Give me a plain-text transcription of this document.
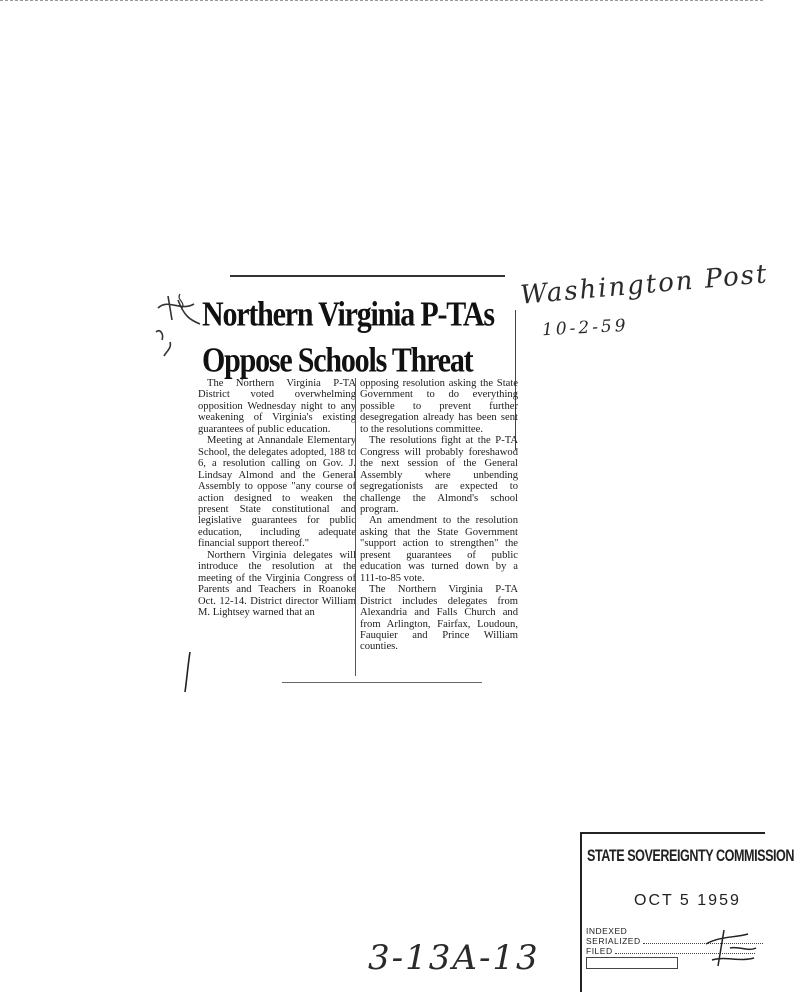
Northern Virginia P-TAs
Oppose Schools Threat

The Northern Virginia P-TA District voted overwhelming opposition Wednesday night to any weakening of Virginia's existing guarantees of public education.

Meeting at Annandale Elementary School, the delegates adopted, 188 to 6, a resolution calling on Gov. J. Lindsay Almond and the General Assembly to oppose "any course of action designed to weaken the present State constitutional and legislative guarantees for public education, including adequate financial support thereof."

Northern Virginia delegates will introduce the resolution at the meeting of the Virginia Congress of Parents and Teachers in Roanoke Oct. 12-14. District director William M. Lightsey warned that an

opposing resolution asking the State Government to do everything possible to prevent further desegregation already has been sent to the resolutions committee.

The resolutions fight at the P-TA Congress will probably foreshawod the next session of the General Assembly where unbending segregationists are expected to challenge the Almond's school program.

An amendment to the resolution asking that the State Government "support action to strengthen" the present guarantees of public education was turned down by a 111-to-85 vote.

The Northern Virginia P-TA District includes delegates from Alexandria and Falls Church and from Arlington, Fairfax, Loudoun, Fauquier and Prince William counties.

Washington Post
10-2-59
STATE SOVEREIGNTY COMMISSION
OCT 5 1959
INDEXED
SERIALIZED
FILED
3-13A-13
